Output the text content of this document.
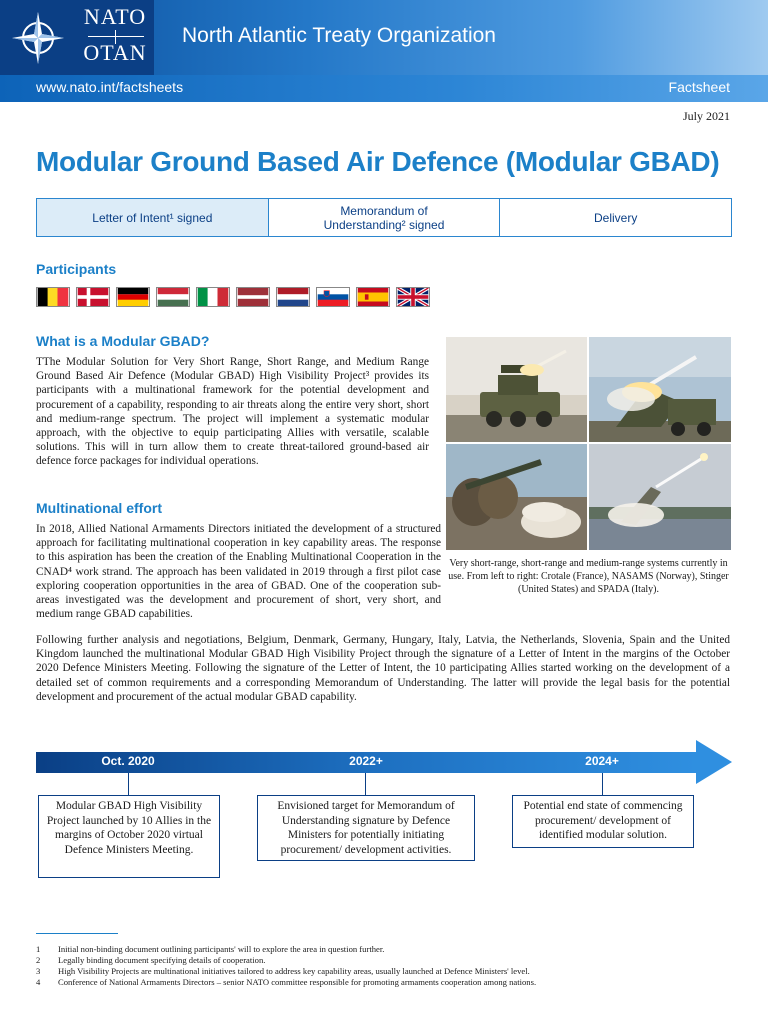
NATO
OTAN
North Atlantic Treaty Organization
www.nato.int/factsheets	Factsheet
July 2021
Modular Ground Based Air Defence (Modular GBAD)
Letter of Intent¹ signed	Memorandum of Understanding² signed	Delivery
Participants
What is a Modular GBAD?
TThe Modular Solution for Very Short Range, Short Range, and Medium Range Ground Based Air Defence (Modular GBAD) High Visibility Project³ provides its participants with a multinational framework for the potential development and procurement of a capability, responding to air threats along the entire very short, short and medium-range spectrum. The project will implement a systematic modular approach, with the objective to equip participating Allies with versatile, scalable solutions. This will in turn allow them to create threat-tailored ground-based air defence force packages for individual operations.
Very short-range, short-range and medium-range systems currently in use. From left to right: Crotale (France), NASAMS (Norway), Stinger (United States) and SPADA (Italy).
Multinational effort
In 2018, Allied National Armaments Directors initiated the development of a structured approach for facilitating multinational cooperation in key capability areas. The response to this aspiration has been the creation of the Enabling Multinational Cooperation in the CNAD⁴ work strand. The approach has been validated in 2019 through a first pilot case exploring cooperation opportunities in the area of GBAD. One of the cooperation sub-areas investigated was the development and procurement of short, very short, and medium range GBAD capabilities.
Following further analysis and negotiations, Belgium, Denmark, Germany, Hungary, Italy, Latvia, the Netherlands, Slovenia, Spain and the United Kingdom launched the multinational Modular GBAD High Visibility Project through the signature of a Letter of Intent in the margins of the October 2020 Defence Ministers Meeting. Following the signature of the Letter of Intent, the 10 participating Allies started working on the development of a detailed set of common requirements and a corresponding Memorandum of Understanding. The latter will provide the legal basis for the potential development and procurement of the actual modular GBAD capability.
Oct. 2020	2022+	2024+
Modular GBAD High Visibility Project launched by 10 Allies in the margins of October 2020 virtual Defence Ministers Meeting.
Envisioned target for Memorandum of Understanding signature by Defence Ministers for potentially initiating procurement/ development activities.
Potential end state of commencing procurement/ development of identified modular solution.
1	Initial non-binding document outlining participants' will to explore the area in question further.
2	Legally binding document specifying details of cooperation.
3	High Visibility Projects are multinational initiatives tailored to address key capability areas, usually launched at Defence Ministers' level.
4	Conference of National Armaments Directors – senior NATO committee responsible for promoting armaments cooperation among nations.
